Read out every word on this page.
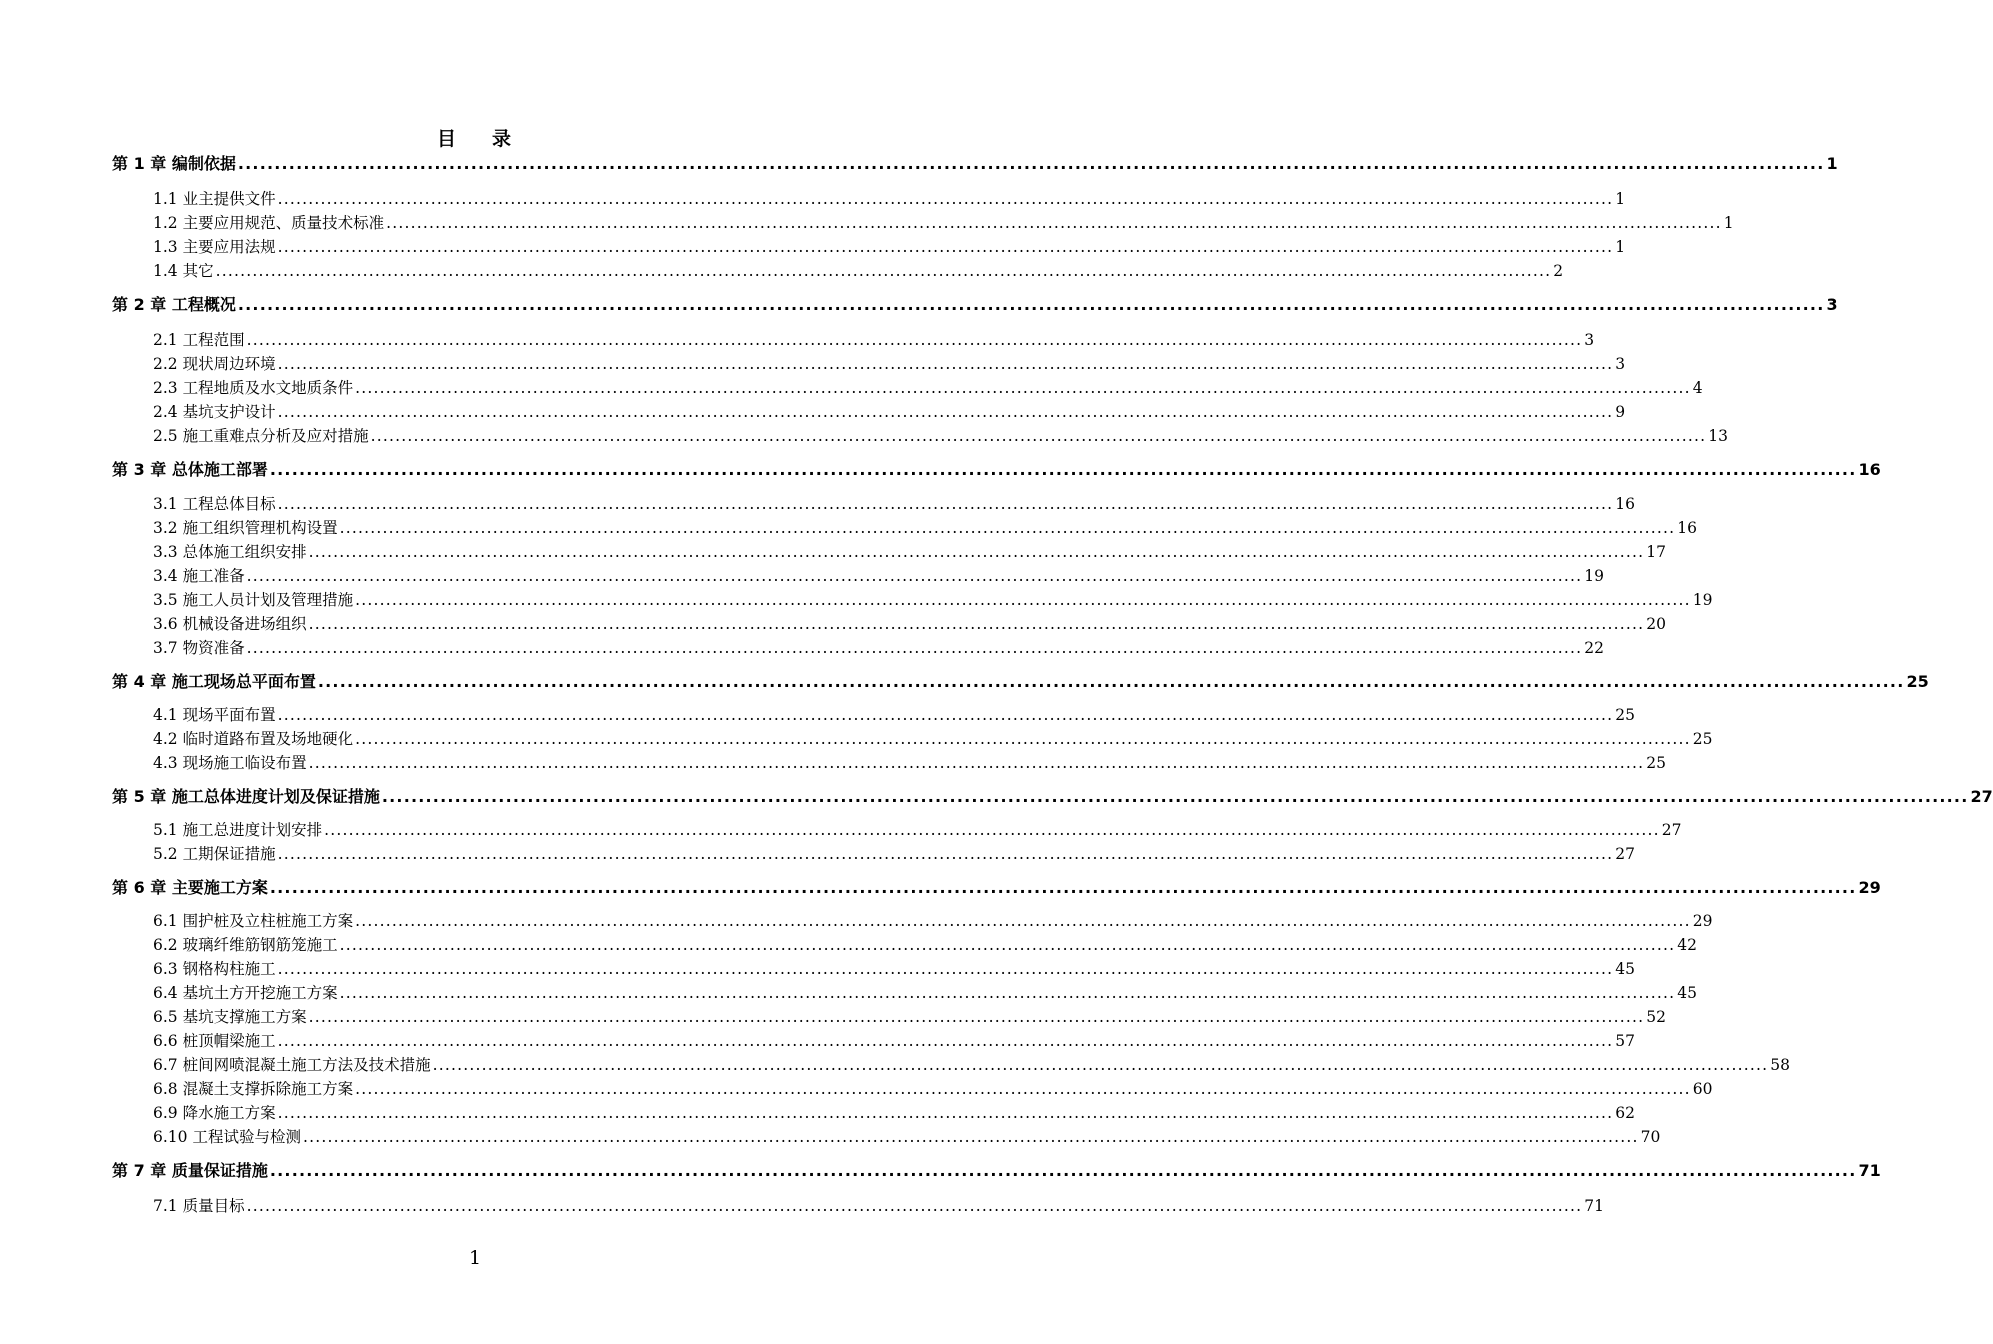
目 录
第 1 章 编制依据 .......................................................................................................................................................................................................................... 1
1.1 业主提供文件 .......................................................................................................................................................................................................................... 1
1.2 主要应用规范、质量技术标准 .......................................................................................................................................................................................................................... 1
1.3 主要应用法规 .......................................................................................................................................................................................................................... 1
1.4 其它 .......................................................................................................................................................................................................................... 2
第 2 章 工程概况 .......................................................................................................................................................................................................................... 3
2.1 工程范围 .......................................................................................................................................................................................................................... 3
2.2 现状周边环境 .......................................................................................................................................................................................................................... 3
2.3 工程地质及水文地质条件 .......................................................................................................................................................................................................................... 4
2.4 基坑支护设计 .......................................................................................................................................................................................................................... 9
2.5 施工重难点分析及应对措施 .......................................................................................................................................................................................................................... 13
第 3 章 总体施工部署 .......................................................................................................................................................................................................................... 16
3.1 工程总体目标 .......................................................................................................................................................................................................................... 16
3.2 施工组织管理机构设置 .......................................................................................................................................................................................................................... 16
3.3 总体施工组织安排 .......................................................................................................................................................................................................................... 17
3.4 施工准备 .......................................................................................................................................................................................................................... 19
3.5 施工人员计划及管理措施 .......................................................................................................................................................................................................................... 19
3.6 机械设备进场组织 .......................................................................................................................................................................................................................... 20
3.7 物资准备 .......................................................................................................................................................................................................................... 22
第 4 章 施工现场总平面布置 .......................................................................................................................................................................................................................... 25
4.1 现场平面布置 .......................................................................................................................................................................................................................... 25
4.2 临时道路布置及场地硬化 .......................................................................................................................................................................................................................... 25
4.3 现场施工临设布置 .......................................................................................................................................................................................................................... 25
第 5 章 施工总体进度计划及保证措施 .......................................................................................................................................................................................................................... 27
5.1 施工总进度计划安排 .......................................................................................................................................................................................................................... 27
5.2 工期保证措施 .......................................................................................................................................................................................................................... 27
第 6 章 主要施工方案 .......................................................................................................................................................................................................................... 29
6.1 围护桩及立柱桩施工方案 .......................................................................................................................................................................................................................... 29
6.2 玻璃纤维筋钢筋笼施工 .......................................................................................................................................................................................................................... 42
6.3 钢格构柱施工 .......................................................................................................................................................................................................................... 45
6.4 基坑土方开挖施工方案 .......................................................................................................................................................................................................................... 45
6.5 基坑支撑施工方案 .......................................................................................................................................................................................................................... 52
6.6 桩顶帽梁施工 .......................................................................................................................................................................................................................... 57
6.7 桩间网喷混凝土施工方法及技术措施 .......................................................................................................................................................................................................................... 58
6.8 混凝土支撑拆除施工方案 .......................................................................................................................................................................................................................... 60
6.9 降水施工方案 .......................................................................................................................................................................................................................... 62
6.10 工程试验与检测 .......................................................................................................................................................................................................................... 70
第 7 章 质量保证措施 .......................................................................................................................................................................................................................... 71
7.1 质量目标 .......................................................................................................................................................................................................................... 71
1
